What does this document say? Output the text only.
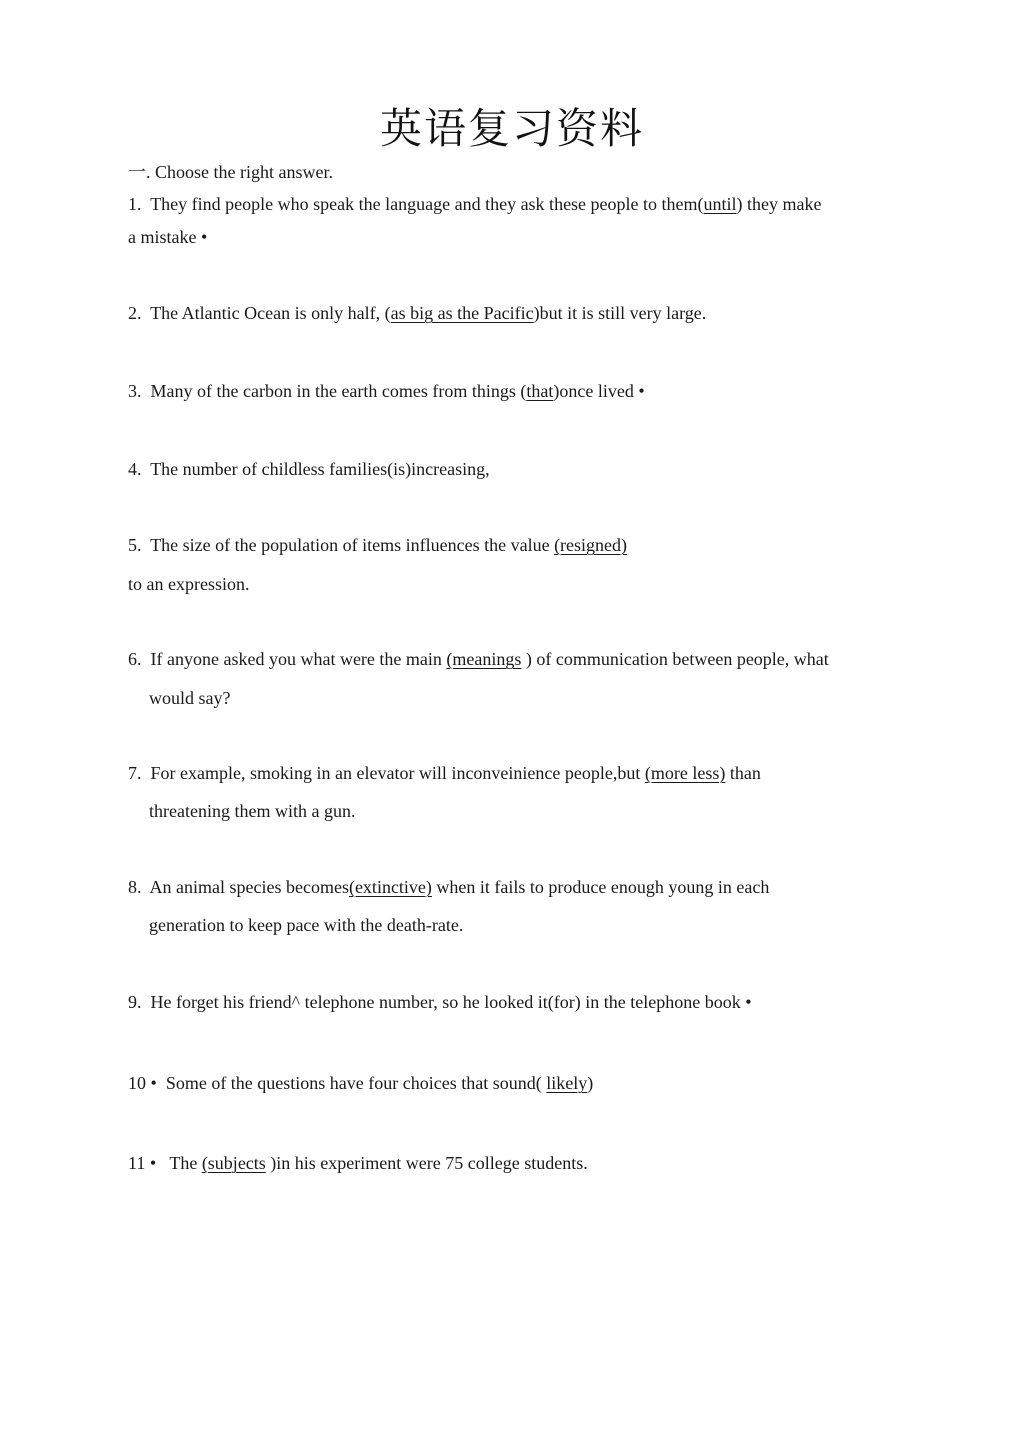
英语复习资料
一. Choose the right answer.
1. They find people who speak the language and they ask these people to them(until) they make
a mistake •
2. The Atlantic Ocean is only half, (as big as the Pacific)but it is still very large.
3. Many of the carbon in the earth comes from things (that)once lived •
4. The number of childless families(is)increasing,
5. The size of the population of items influences the value (resigned)
to an expression.
6. If anyone asked you what were the main (meanings ) of communication between people, what
would say?
7. For example, smoking in an elevator will inconveinience people,but (more less) than
threatening them with a gun.
8. An animal species becomes(extinctive) when it fails to produce enough young in each
generation to keep pace with the death-rate.
9. He forget his friend^ telephone number, so he looked it(for) in the telephone book •
10 • Some of the questions have four choices that sound( likely)
11 • The (subjects )in his experiment were 75 college students.
